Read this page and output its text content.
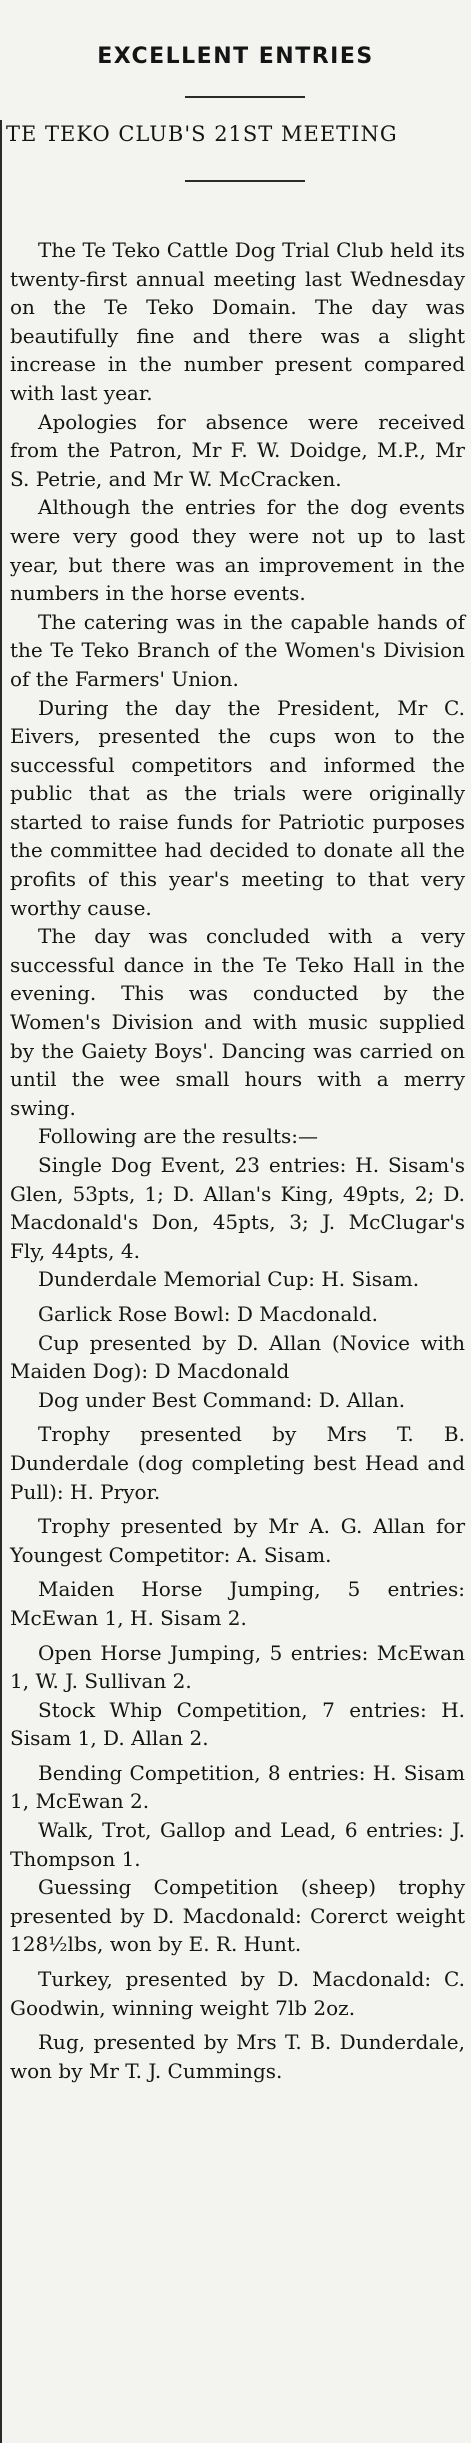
EXCELLENT ENTRIES
TE TEKO CLUB'S 21ST MEETING

The Te Teko Cattle Dog Trial Club held its twenty-first annual meeting last Wednesday on the Te Teko Domain. The day was beautifully fine and there was a slight increase in the number present compared with last year.

Apologies for absence were received from the Patron, Mr F. W. Doidge, M.P., Mr S. Petrie, and Mr W. McCracken.

Although the entries for the dog events were very good they were not up to last year, but there was an improvement in the numbers in the horse events.

The catering was in the capable hands of the Te Teko Branch of the Women's Division of the Farmers' Union.

During the day the President, Mr C. Eivers, presented the cups won to the successful competitors and informed the public that as the trials were originally started to raise funds for Patriotic purposes the committee had decided to donate all the profits of this year's meeting to that very worthy cause.

The day was concluded with a very successful dance in the Te Teko Hall in the evening. This was conducted by the Women's Division and with music supplied by the Gaiety Boys'. Dancing was carried on until the wee small hours with a merry swing.

Following are the results:—

Single Dog Event, 23 entries: H. Sisam's Glen, 53pts, 1; D. Allan's King, 49pts, 2; D. Macdonald's Don, 45pts, 3; J. McClugar's Fly, 44pts, 4.

Dunderdale Memorial Cup: H. Sisam.

Garlick Rose Bowl: D Macdonald.

Cup presented by D. Allan (Novice with Maiden Dog): D Macdonald

Dog under Best Command: D. Allan.

Trophy presented by Mrs T. B. Dunderdale (dog completing best Head and Pull): H. Pryor.

Trophy presented by Mr A. G. Allan for Youngest Competitor: A. Sisam.

Maiden Horse Jumping, 5 entries: McEwan 1, H. Sisam 2.

Open Horse Jumping, 5 entries: McEwan 1, W. J. Sullivan 2.

Stock Whip Competition, 7 entries: H. Sisam 1, D. Allan 2.

Bending Competition, 8 entries: H. Sisam 1, McEwan 2.

Walk, Trot, Gallop and Lead, 6 entries: J. Thompson 1.

Guessing Competition (sheep) trophy presented by D. Macdonald: Corerct weight 128½lbs, won by E. R. Hunt.

Turkey, presented by D. Macdonald: C. Goodwin, winning weight 7lb 2oz.

Rug, presented by Mrs T. B. Dunderdale, won by Mr T. J. Cummings.
